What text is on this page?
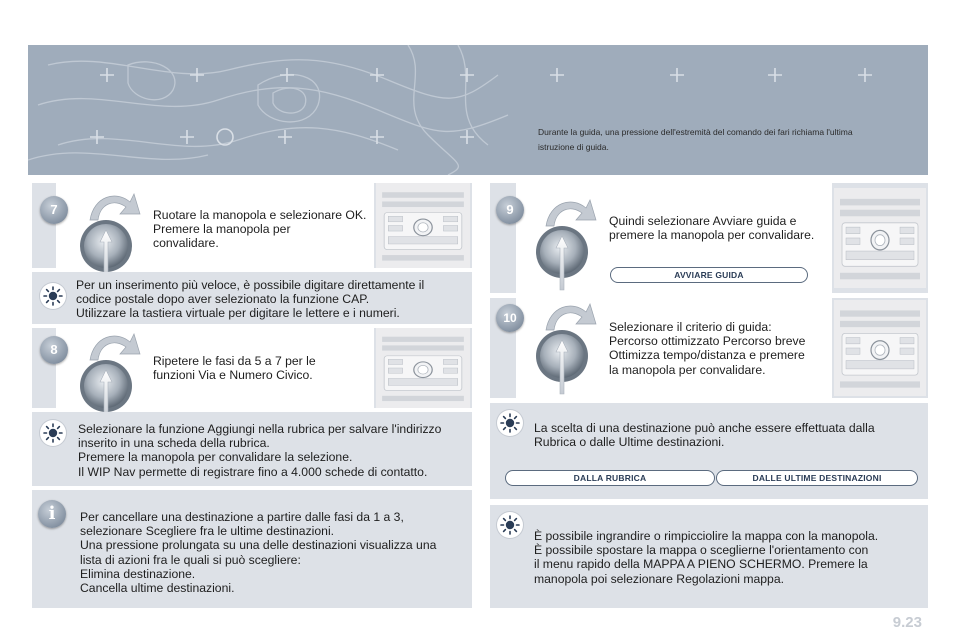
Durante la guida, una pressione dell'estremità del comando dei fari richiama l'ultima
istruzione di guida.
7	Ruotare la manopola e selezionare OK.
Premere la manopola per
convalidare.
Per un inserimento più veloce, è possibile digitare direttamente il
codice postale dopo aver selezionato la funzione CAP.
Utilizzare la tastiera virtuale per digitare le lettere e i numeri.
8
Ripetere le fasi da 5 a 7 per le
funzioni Via e Numero Civico.
Selezionare la funzione Aggiungi nella rubrica per salvare l'indirizzo
inserito in una scheda della rubrica.
Premere la manopola per convalidare la selezione.
Il WIP Nav permette di registrare fino a 4.000 schede di contatto.
i	Per cancellare una destinazione a partire dalle fasi da 1 a 3,
selezionare Scegliere fra le ultime destinazioni.
Una pressione prolungata su una delle destinazioni visualizza una
lista di azioni fra le quali si può scegliere:
Elimina destinazione.
Cancella ultime destinazioni.
9
Quindi selezionare Avviare guida e
premere la manopola per convalidare.
AVVIARE GUIDA
10
Selezionare il criterio di guida:
Percorso ottimizzato Percorso breve
Ottimizza tempo/distanza e premere
la manopola per convalidare.
La scelta di una destinazione può anche essere effettuata dalla
Rubrica o dalle Ultime destinazioni.
DALLA RUBRICA	DALLE ULTIME DESTINAZIONI
È possibile ingrandire o rimpicciolire la mappa con la manopola.
È possibile spostare la mappa o sceglierne l'orientamento con
il menu rapido della MAPPA A PIENO SCHERMO. Premere la
manopola poi selezionare Regolazioni mappa.
9.23
